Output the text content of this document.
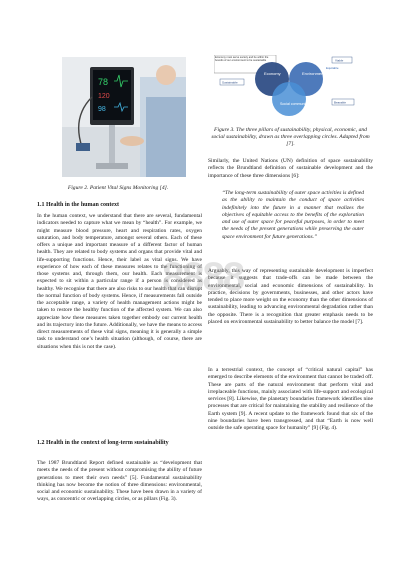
78
120
98
Figure 2. Patient Vital Signs Monitoring [4].
1.1 Health in the human context
In the human context, we understand that there are several, fundamental indicators needed to capture what we mean by “health”. For example, we might measure blood pressure, heart and respiration rates, oxygen saturation, and body temperature, amongst several others. Each of these offers a unique and important measure of a different factor of human health. They are related to body systems and organs that provide vital and life-supporting functions. Hence, their label as vital signs. We have experience of how each of these measures relates to the functioning of those systems and, through them, our health. Each measurement is expected to sit within a particular range if a person is considered as healthy. We recognise that there are also risks to our health that can disrupt the normal function of body systems. Hence, if measurements fall outside the acceptable range, a variety of health management actions might be taken to restore the healthy function of the affected system. We can also appreciate how these measures taken together embody our current health and its trajectory into the future. Additionally, we have the means to access direct measurements of these vital signs, meaning it is generally a simple task to understand one’s health situation (although, of course, there are situations when this is not the case).
1.2 Health in the context of long-term sustainability
The 1987 Brundtland Report defined sustainable as “development that meets the needs of the present without compromising the ability of future generations to meet their own needs” [5]. Fundamental sustainability thinking has now become the notion of three dimensions: environmental, social and economic sustainability. These have been drawn in a variety of ways, as concentric or overlapping circles, or as pillars (Fig. 3).
Economy must serve society and be within the bounds of our environment to be sustainable
Economy	Environment
Social community
Viable
Equitable
Sustainable
Bearable
Figure 3. The three pillars of sustainability, physical, economic, and social sustainability, drawn as three overlapping circles. Adapted from [7].
Similarly, the United Nations (UN) definition of space sustainability reflects the Brundtland definition of sustainable development and the importance of these three dimensions [6]:
“The long-term sustainability of outer space activities is defined as the ability to maintain the conduct of space activities indefinitely into the future in a manner that realizes the objectives of equitable access to the benefits of the exploration and use of outer space for peaceful purposes, in order to meet the needs of the present generations while preserving the outer space environment for future generations.”
Arguably, this way of representing sustainable development is imperfect because it suggests that trade-offs can be made between the environmental, social and economic dimensions of sustainability. In practice, decisions by governments, businesses, and other actors have tended to place more weight on the economy than the other dimensions of sustainability, leading to advancing environmental degradation rather than the opposite. There is a recognition that greater emphasis needs to be placed on environmental sustainability to better balance the model [7].
In a terrestrial context, the concept of “critical natural capital” has emerged to describe elements of the environment that cannot be traded off. These are parts of the natural environment that perform vital and irreplaceable functions, mainly associated with life-support and ecological services [8]. Likewise, the planetary boundaries framework identifies nine processes that are critical for maintaining the stability and resilience of the Earth system [9]. A recent update to the framework found that six of the nine boundaries have been transgressed, and that “Earth is now well outside the safe operating space for humanity” [9] (Fig. 4).
8888
